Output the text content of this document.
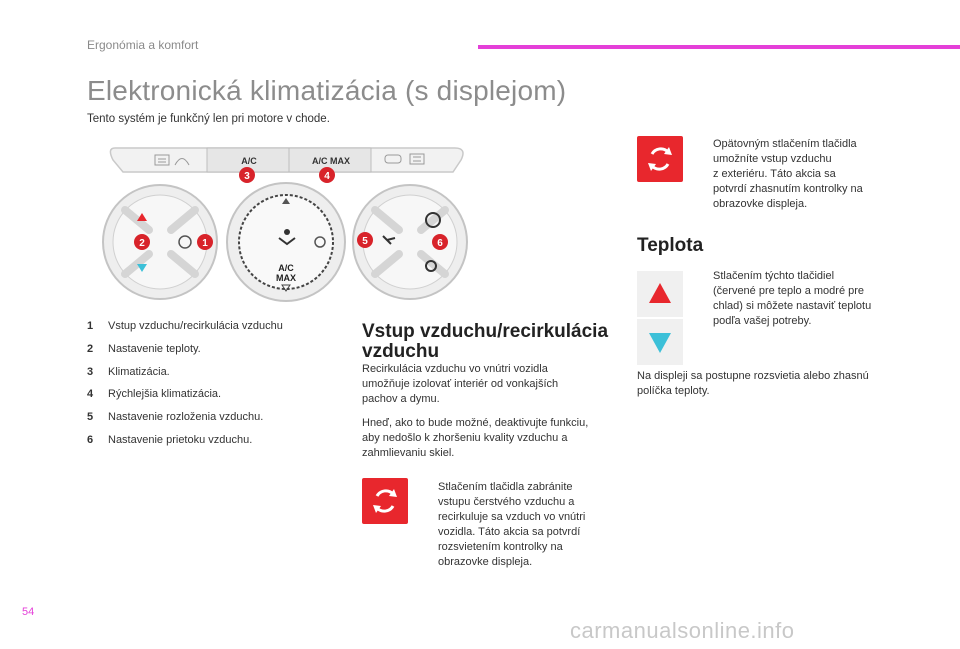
Ergonómia a komfort
Elektronická klimatizácia (s displejom)
Tento systém je funkčný len pri motore v chode.
A/C	A/C MAX
3	4
2	1
A/C
MAX
5	6
1	Vstup vzduchu/recirkulácia vzduchu
2	Nastavenie teploty.
3	Klimatizácia.
4	Rýchlejšia klimatizácia.
5	Nastavenie rozloženia vzduchu.
6	Nastavenie prietoku vzduchu.
Vstup vzduchu/recirkulácia
vzduchu
Recirkulácia vzduchu vo vnútri vozidla
umožňuje izolovať interiér od vonkajších
pachov a dymu.
Hneď, ako to bude možné, deaktivujte funkciu,
aby nedošlo k zhoršeniu kvality vzduchu a
zahmlievaniu skiel.
Stlačením tlačidla zabránite
vstupu čerstvého vzduchu a
recirkuluje sa vzduch vo vnútri
vozidla. Táto akcia sa potvrdí
rozsvietením kontrolky na
obrazovke displeja.
Opätovným stlačením tlačidla
umožníte vstup vzduchu
z exteriéru. Táto akcia sa
potvrdí zhasnutím kontrolky na
obrazovke displeja.
Teplota
Stlačením týchto tlačidiel
(červené pre teplo a modré pre
chlad) si môžete nastaviť teplotu
podľa vašej potreby.
Na displeji sa postupne rozsvietia alebo zhasnú
políčka teploty.
54
carmanualsonline.info
